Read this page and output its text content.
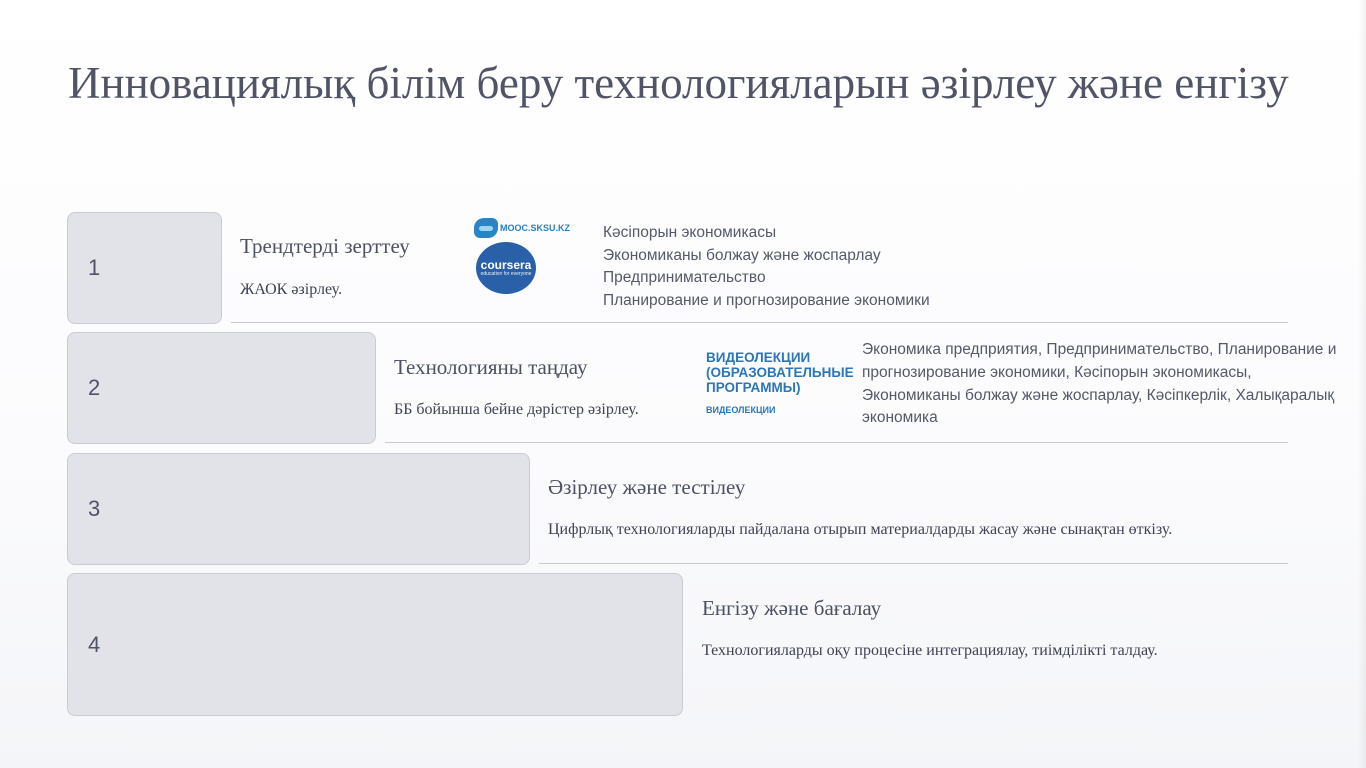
Инновациялық білім беру технологияларын әзірлеу және енгізу
1
Трендтерді зерттеу
ЖАОК әзірлеу.
MOOC.SKSU.KZ
coursera
education for everyone
Кәсіпорын экономикасы
Экономиканы болжау және жоспарлау
Предпринимательство
Планирование и прогнозирование экономики
2
Технологияны таңдау
ББ бойынша бейне дәрістер әзірлеу.
ВИДЕОЛЕКЦИИ
(ОБРАЗОВАТЕЛЬНЫЕ
ПРОГРАММЫ)
ВИДЕОЛЕКЦИИ
Экономика предприятия, Предпринимательство, Планирование и прогнозирование экономики, Кәсіпорын экономикасы, Экономиканы болжау және жоспарлау, Кәсіпкерлік, Халықаралық экономика
3
Әзірлеу және тестілеу
Цифрлық технологияларды пайдалана отырып материалдарды жасау және сынақтан өткізу.
4
Енгізу және бағалау
Технологияларды оқу процесіне интеграциялау, тиімділікті талдау.
